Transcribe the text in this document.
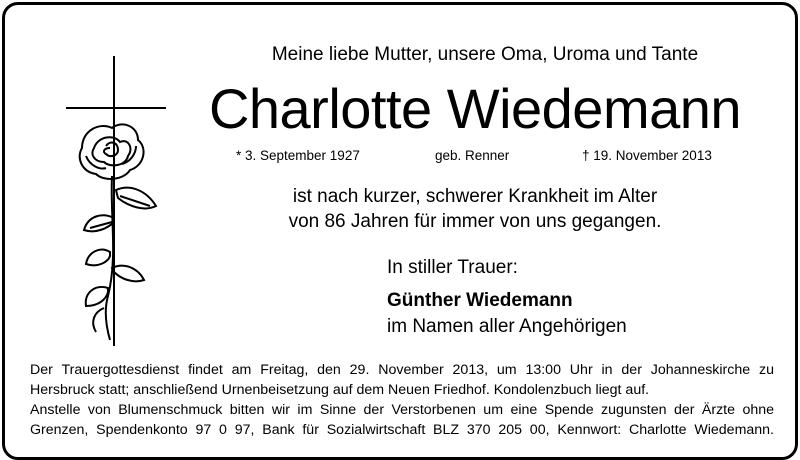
Meine liebe Mutter, unsere Oma, Uroma und Tante
Charlotte Wiedemann
* 3. September 1927	geb. Renner	† 19. November 2013
ist nach kurzer, schwerer Krankheit im Alter
von 86 Jahren für immer von uns gegangen.
In stiller Trauer:
Günther Wiedemann
im Namen aller Angehörigen
Der Trauergottesdienst findet am Freitag, den 29. November 2013, um 13:00 Uhr in der Johanneskirche zu
Hersbruck statt; anschließend Urnenbeisetzung auf dem Neuen Friedhof. Kondolenzbuch liegt auf.
Anstelle von Blumenschmuck bitten wir im Sinne der Verstorbenen um eine Spende zugunsten der Ärzte ohne
Grenzen, Spendenkonto 97 0 97, Bank für Sozialwirtschaft BLZ 370 205 00, Kennwort: Charlotte Wiedemann.
